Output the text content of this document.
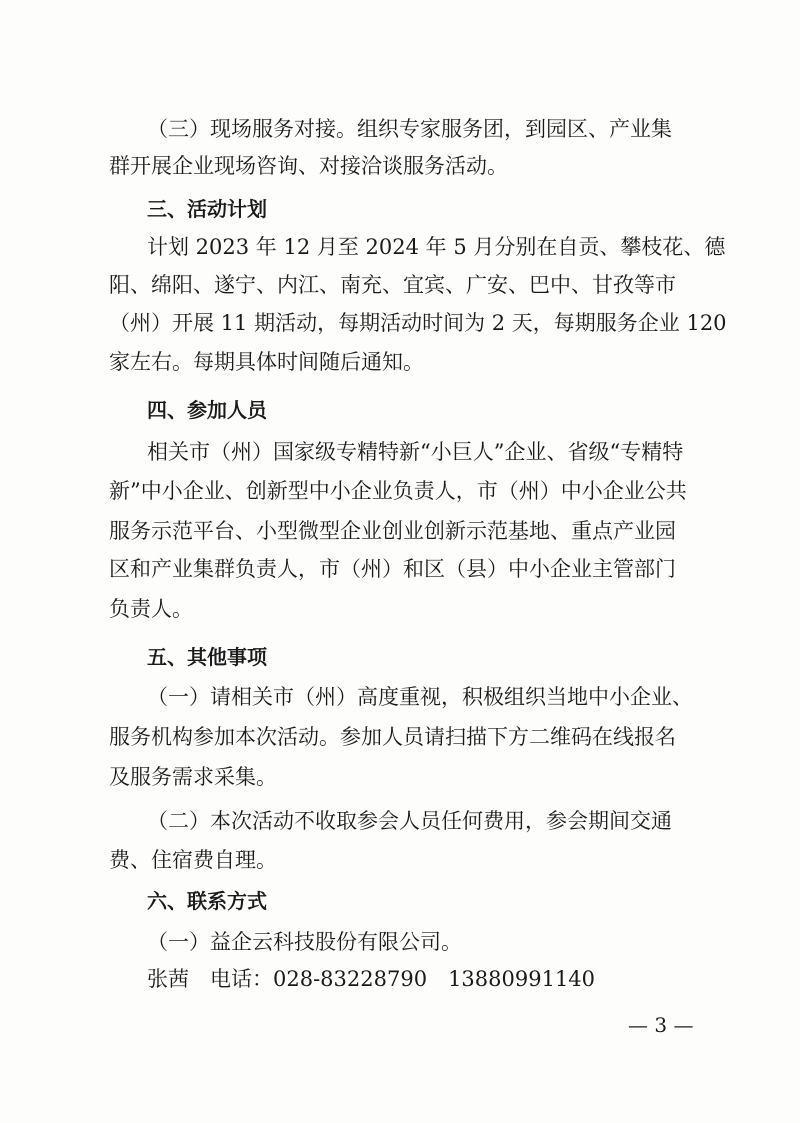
（三）现场服务对接。组织专家服务团，到园区、产业集
群开展企业现场咨询、对接洽谈服务活动。
三、活动计划
计划 2023 年 12 月至 2024 年 5 月分别在自贡、攀枝花、德
阳、绵阳、遂宁、内江、南充、宜宾、广安、巴中、甘孜等市
（州）开展 11 期活动，每期活动时间为 2 天，每期服务企业 120
家左右。每期具体时间随后通知。
四、参加人员
相关市（州）国家级专精特新“小巨人”企业、省级“专精特
新”中小企业、创新型中小企业负责人，市（州）中小企业公共
服务示范平台、小型微型企业创业创新示范基地、重点产业园
区和产业集群负责人，市（州）和区（县）中小企业主管部门
负责人。
五、其他事项
（一）请相关市（州）高度重视，积极组织当地中小企业、
服务机构参加本次活动。参加人员请扫描下方二维码在线报名
及服务需求采集。
（二）本次活动不收取参会人员任何费用，参会期间交通
费、住宿费自理。
六、联系方式
（一）益企云科技股份有限公司。
张茜　电话：028-83228790　13880991140
— 3 —
